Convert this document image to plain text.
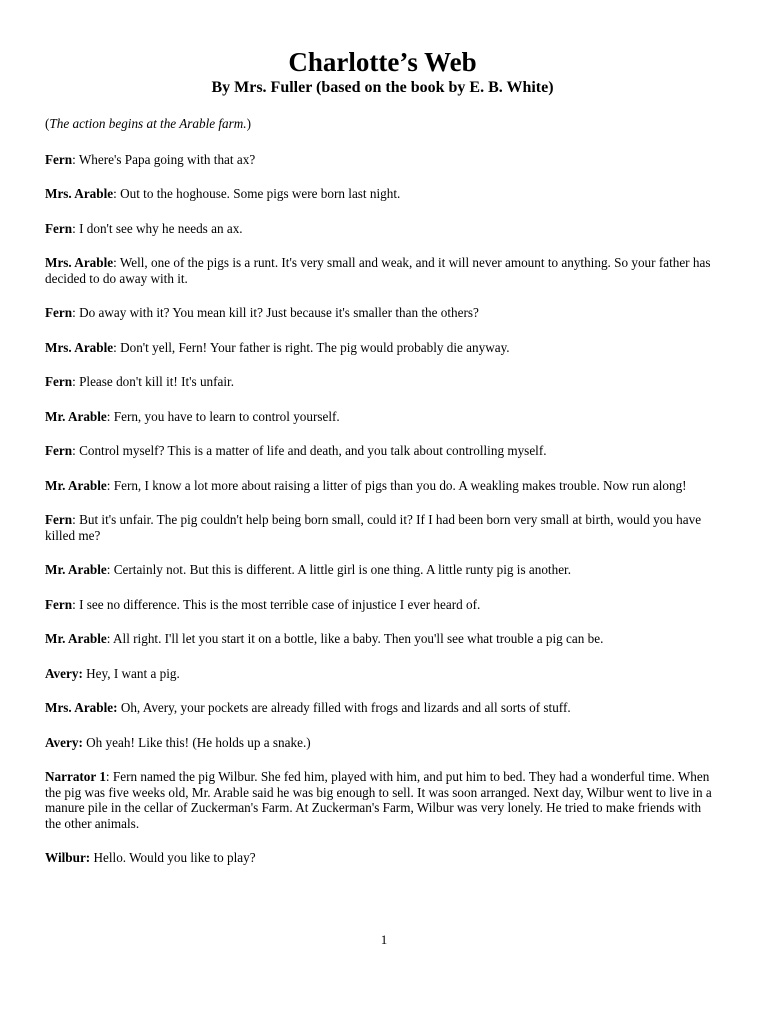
Charlotte’s Web
By Mrs. Fuller (based on the book by E. B. White)

(The action begins at the Arable farm.)

Fern: Where's Papa going with that ax?

Mrs. Arable: Out to the hoghouse. Some pigs were born last night.

Fern: I don't see why he needs an ax.

Mrs. Arable: Well, one of the pigs is a runt. It's very small and weak, and it will never amount to anything. So your father has decided to do away with it.

Fern: Do away with it? You mean kill it? Just because it's smaller than the others?

Mrs. Arable: Don't yell, Fern! Your father is right. The pig would probably die anyway.

Fern: Please don't kill it! It's unfair.

Mr. Arable: Fern, you have to learn to control yourself.

Fern: Control myself? This is a matter of life and death, and you talk about controlling myself.

Mr. Arable: Fern, I know a lot more about raising a litter of pigs than you do. A weakling makes trouble. Now run along!

Fern: But it's unfair. The pig couldn't help being born small, could it? If I had been born very small at birth, would you have killed me?

Mr. Arable: Certainly not. But this is different. A little girl is one thing. A little runty pig is another.

Fern: I see no difference. This is the most terrible case of injustice I ever heard of.

Mr. Arable: All right. I'll let you start it on a bottle, like a baby. Then you'll see what trouble a pig can be.

Avery: Hey, I want a pig.

Mrs. Arable: Oh, Avery, your pockets are already filled with frogs and lizards and all sorts of stuff.

Avery: Oh yeah! Like this! (He holds up a snake.)

Narrator 1: Fern named the pig Wilbur. She fed him, played with him, and put him to bed. They had a wonderful time. When the pig was five weeks old, Mr. Arable said he was big enough to sell. It was soon arranged. Next day, Wilbur went to live in a manure pile in the cellar of Zuckerman's Farm. At Zuckerman's Farm, Wilbur was very lonely. He tried to make friends with the other animals.

Wilbur: Hello. Would you like to play?

1
